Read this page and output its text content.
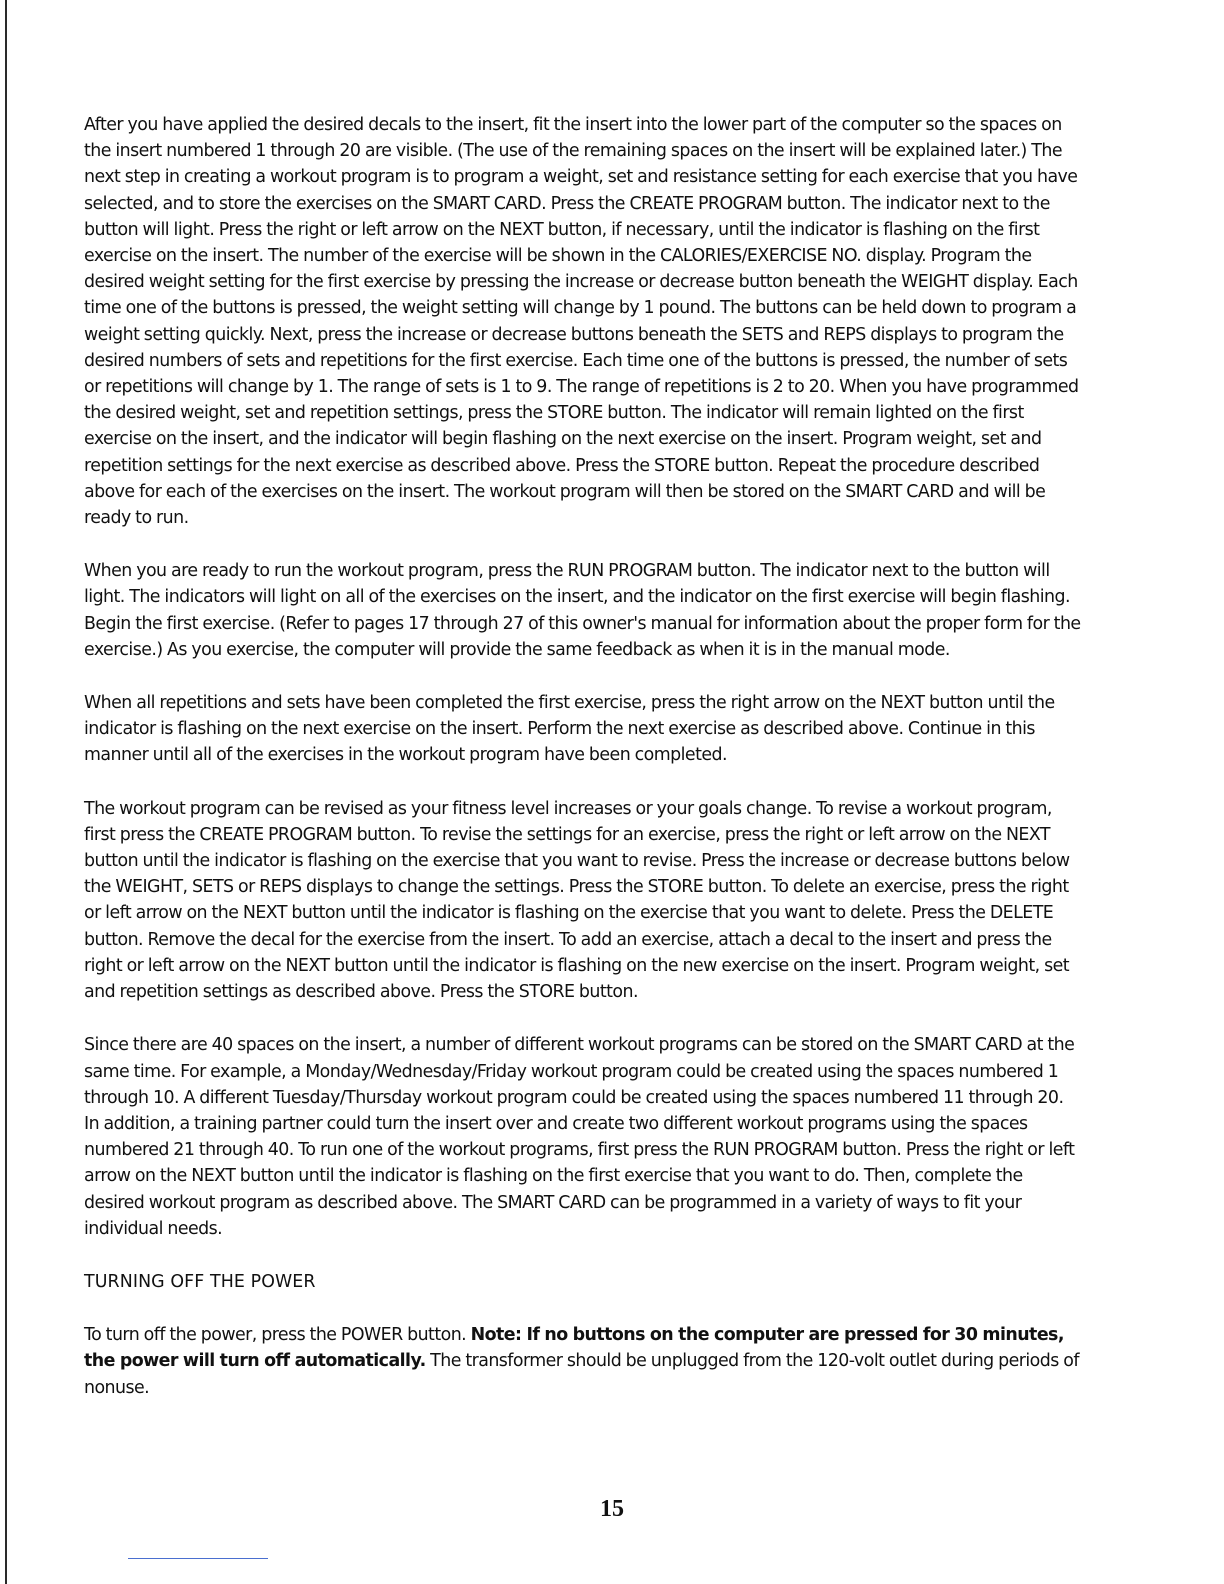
After you have applied the desired decals to the insert, fit the insert into the lower part of the computer so the spaces on the insert numbered 1 through 20 are visible. (The use of the remaining spaces on the insert will be explained later.) The next step in creating a workout program is to program a weight, set and resistance setting for each exercise that you have selected, and to store the exercises on the SMART CARD. Press the CREATE PROGRAM button. The indicator next to the button will light. Press the right or left arrow on the NEXT button, if necessary, until the indicator is flashing on the first exercise on the insert. The number of the exercise will be shown in the CALORIES/EXERCISE NO. display. Program the desired weight setting for the first exercise by pressing the increase or decrease button beneath the WEIGHT display. Each time one of the buttons is pressed, the weight setting will change by 1 pound. The buttons can be held down to program a weight setting quickly. Next, press the increase or decrease buttons beneath the SETS and REPS displays to program the desired numbers of sets and repetitions for the first exercise. Each time one of the buttons is pressed, the number of sets or repetitions will change by 1. The range of sets is 1 to 9. The range of repetitions is 2 to 20. When you have programmed the desired weight, set and repetition settings, press the STORE button. The indicator will remain lighted on the first exercise on the insert, and the indicator will begin flashing on the next exercise on the insert. Program weight, set and repetition settings for the next exercise as described above. Press the STORE button. Repeat the procedure described above for each of the exercises on the insert. The workout program will then be stored on the SMART CARD and will be ready to run.

When you are ready to run the workout program, press the RUN PROGRAM button. The indicator next to the button will light. The indicators will light on all of the exercises on the insert, and the indicator on the first exercise will begin flashing. Begin the first exercise. (Refer to pages 17 through 27 of this owner's manual for information about the proper form for the exercise.) As you exercise, the computer will provide the same feedback as when it is in the manual mode.

When all repetitions and sets have been completed the first exercise, press the right arrow on the NEXT button until the indicator is flashing on the next exercise on the insert. Perform the next exercise as described above. Continue in this manner until all of the exercises in the workout program have been completed.

The workout program can be revised as your fitness level increases or your goals change. To revise a workout program, first press the CREATE PROGRAM button. To revise the settings for an exercise, press the right or left arrow on the NEXT button until the indicator is flashing on the exercise that you want to revise. Press the increase or decrease buttons below the WEIGHT, SETS or REPS displays to change the settings. Press the STORE button. To delete an exercise, press the right or left arrow on the NEXT button until the indicator is flashing on the exercise that you want to delete. Press the DELETE button. Remove the decal for the exercise from the insert. To add an exercise, attach a decal to the insert and press the right or left arrow on the NEXT button until the indicator is flashing on the new exercise on the insert. Program weight, set and repetition settings as described above. Press the STORE button.

Since there are 40 spaces on the insert, a number of different workout programs can be stored on the SMART CARD at the same time. For example, a Monday/Wednesday/Friday workout program could be created using the spaces numbered 1 through 10. A different Tuesday/Thursday workout program could be created using the spaces numbered 11 through 20. In addition, a training partner could turn the insert over and create two different workout programs using the spaces numbered 21 through 40. To run one of the workout programs, first press the RUN PROGRAM button. Press the right or left arrow on the NEXT button until the indicator is flashing on the first exercise that you want to do. Then, complete the desired workout program as described above. The SMART CARD can be programmed in a variety of ways to fit your individual needs.

TURNING OFF THE POWER

To turn off the power, press the POWER button. Note: If no buttons on the computer are pressed for 30 minutes, the power will turn off automatically. The transformer should be unplugged from the 120-volt outlet during periods of nonuse.

15
